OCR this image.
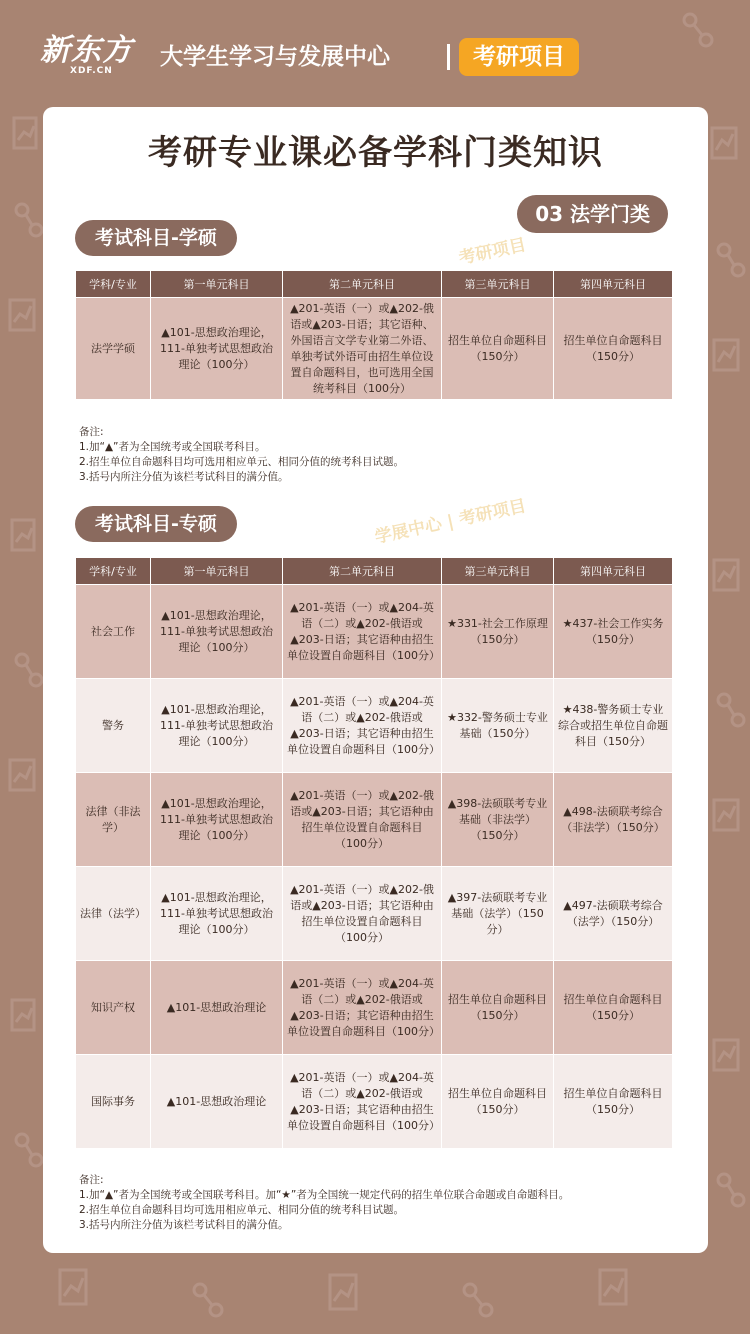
新东方
XDF.CN
大学生学习与发展中心	考研项目
考研专业课必备学科门类知识
03 法学门类
考研项目
学展中心 | 考研项目
考试科目-学硕
学科/专业	第一单元科目	第二单元科目	第三单元科目	第四单元科目
法学学硕	▲101-思想政治理论，111-单独考试思想政治理论（100分）	▲201-英语（一）或▲202-俄语或▲203-日语；其它语种、外国语言文学专业第二外语、单独考试外语可由招生单位设置自命题科目，也可选用全国统考科目（100分）	招生单位自命题科目（150分）	招生单位自命题科目（150分）
备注:
1.加“▲”者为全国统考或全国联考科目。
2.招生单位自命题科目均可选用相应单元、相同分值的统考科目试题。
3.括号内所注分值为该栏考试科目的满分值。
考试科目-专硕
学科/专业	第一单元科目	第二单元科目	第三单元科目	第四单元科目
社会工作	▲101-思想政治理论，111-单独考试思想政治理论（100分）	▲201-英语（一）或▲204-英语（二）或▲202-俄语或▲203-日语；其它语种由招生单位设置自命题科目（100分）	★331-社会工作原理（150分）	★437-社会工作实务（150分）
警务	▲101-思想政治理论，111-单独考试思想政治理论（100分）	▲201-英语（一）或▲204-英语（二）或▲202-俄语或▲203-日语；其它语种由招生单位设置自命题科目（100分）	★332-警务硕士专业基础（150分）	★438-警务硕士专业综合或招生单位自命题科目（150分）
法律（非法学）	▲101-思想政治理论，111-单独考试思想政治理论（100分）	▲201-英语（一）或▲202-俄语或▲203-日语；其它语种由招生单位设置自命题科目（100分）	▲398-法硕联考专业基础（非法学）（150分）	▲498-法硕联考综合（非法学）（150分）
法律（法学）	▲101-思想政治理论，111-单独考试思想政治理论（100分）	▲201-英语（一）或▲202-俄语或▲203-日语；其它语种由招生单位设置自命题科目（100分）	▲397-法硕联考专业基础（法学）（150分）	▲497-法硕联考综合（法学）（150分）
知识产权	▲101-思想政治理论	▲201-英语（一）或▲204-英语（二）或▲202-俄语或▲203-日语；其它语种由招生单位设置自命题科目（100分）	招生单位自命题科目（150分）	招生单位自命题科目（150分）
国际事务	▲101-思想政治理论	▲201-英语（一）或▲204-英语（二）或▲202-俄语或▲203-日语；其它语种由招生单位设置自命题科目（100分）	招生单位自命题科目（150分）	招生单位自命题科目（150分）
备注:
1.加“▲”者为全国统考或全国联考科目。加“★”者为全国统一规定代码的招生单位联合命题或自命题科目。
2.招生单位自命题科目均可选用相应单元、相同分值的统考科目试题。
3.括号内所注分值为该栏考试科目的满分值。
